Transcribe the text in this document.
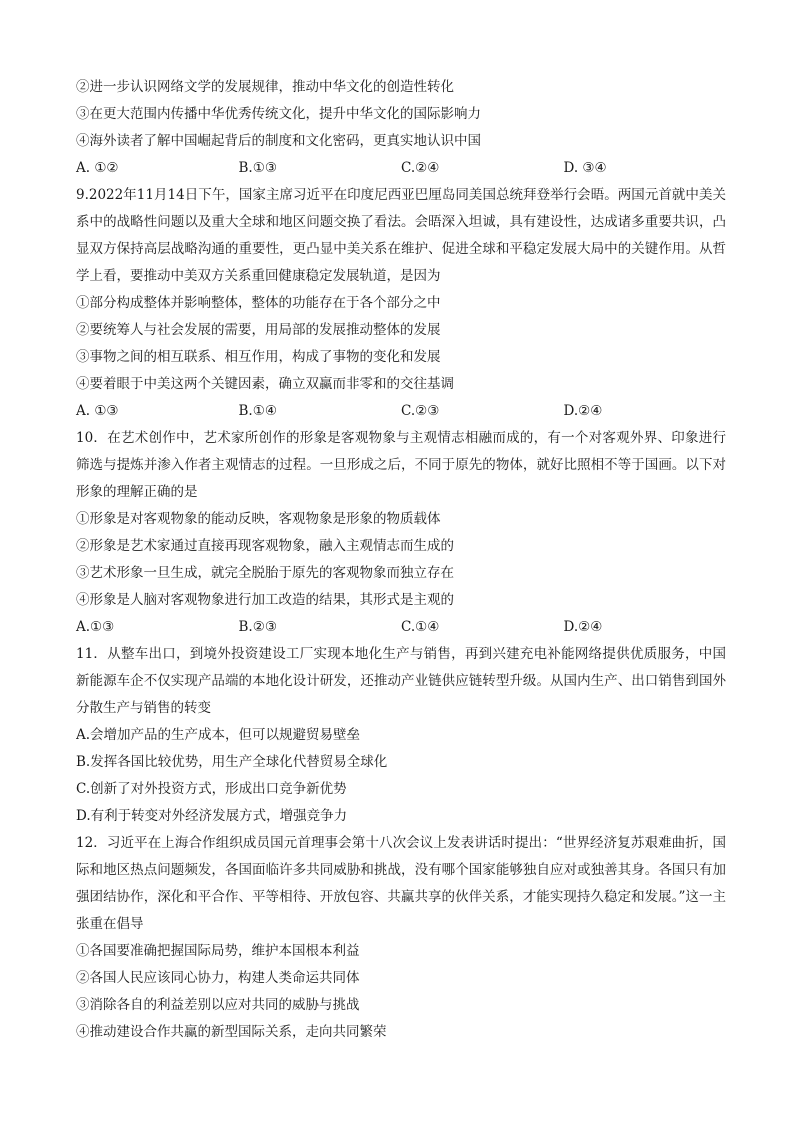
②进一步认识网络文学的发展规律，推动中华文化的创造性转化
③在更大范围内传播中华优秀传统文化，提升中华文化的国际影响力
④海外读者了解中国崛起背后的制度和文化密码，更真实地认识中国
A. ①②	B.①③	C.②④	D. ③④
9.2022年11月14日下午，国家主席习近平在印度尼西亚巴厘岛同美国总统拜登举行会晤。两国元首就中美关系中的战略性问题以及重大全球和地区问题交换了看法。会晤深入坦诚，具有建设性，达成诸多重要共识，凸显双方保持高层战略沟通的重要性，更凸显中美关系在维护、促进全球和平稳定发展大局中的关键作用。从哲学上看，要推动中美双方关系重回健康稳定发展轨道，是因为
①部分构成整体并影响整体，整体的功能存在于各个部分之中
②要统筹人与社会发展的需要，用局部的发展推动整体的发展
③事物之间的相互联系、相互作用，构成了事物的变化和发展
④要着眼于中美这两个关键因素，确立双赢而非零和的交往基调
A. ①③	B.①④	C.②③	D.②④
10．在艺术创作中，艺术家所创作的形象是客观物象与主观情志相融而成的，有一个对客观外界、印象进行筛选与提炼并渗入作者主观情志的过程。一旦形成之后，不同于原先的物体，就好比照相不等于国画。以下对形象的理解正确的是
①形象是对客观物象的能动反映，客观物象是形象的物质载体
②形象是艺术家通过直接再现客观物象，融入主观情志而生成的
③艺术形象一旦生成，就完全脱胎于原先的客观物象而独立存在
④形象是人脑对客观物象进行加工改造的结果，其形式是主观的
A.①③	B.②③	C.①④	D.②④
11．从整车出口，到境外投资建设工厂实现本地化生产与销售，再到兴建充电补能网络提供优质服务，中国新能源车企不仅实现产品端的本地化设计研发，还推动产业链供应链转型升级。从国内生产、出口销售到国外分散生产与销售的转变
A.会增加产品的生产成本，但可以规避贸易壁垒
B.发挥各国比较优势，用生产全球化代替贸易全球化
C.创新了对外投资方式，形成出口竞争新优势
D.有利于转变对外经济发展方式，增强竞争力
12．习近平在上海合作组织成员国元首理事会第十八次会议上发表讲话时提出：“世界经济复苏艰难曲折，国际和地区热点问题频发，各国面临许多共同威胁和挑战，没有哪个国家能够独自应对或独善其身。各国只有加强团结协作，深化和平合作、平等相待、开放包容、共赢共享的伙伴关系，才能实现持久稳定和发展。”这一主张重在倡导
①各国要准确把握国际局势，维护本国根本利益
②各国人民应该同心协力，构建人类命运共同体
③消除各自的利益差别以应对共同的威胁与挑战
④推动建设合作共赢的新型国际关系，走向共同繁荣
